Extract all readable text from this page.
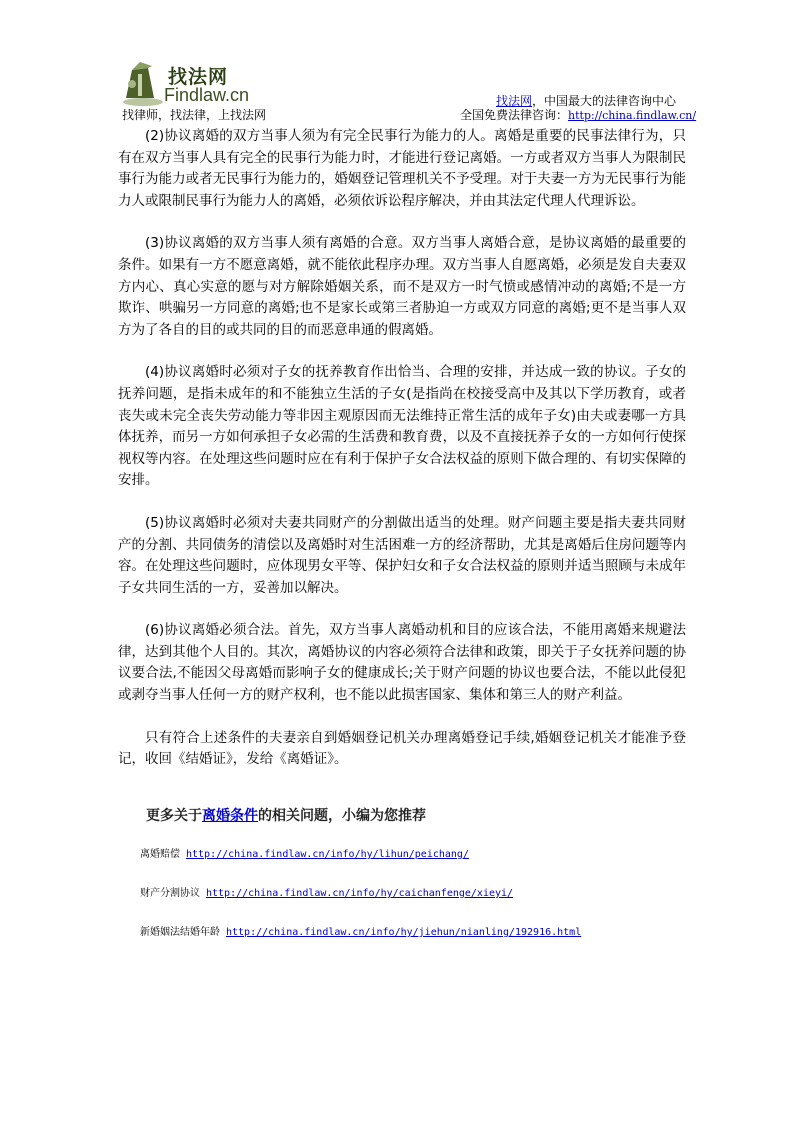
找法网
Findlaw.cn
找律师，找法律，上找法网
找法网，中国最大的法律咨询中心
全国免费法律咨询：http://china.findlaw.cn/

(2)协议离婚的双方当事人须为有完全民事行为能力的人。离婚是重要的民事法律行为，只有在双方当事人具有完全的民事行为能力时，才能进行登记离婚。一方或者双方当事人为限制民事行为能力或者无民事行为能力的，婚姻登记管理机关不予受理。对于夫妻一方为无民事行为能力人或限制民事行为能力人的离婚，必须依诉讼程序解决，并由其法定代理人代理诉讼。

(3)协议离婚的双方当事人须有离婚的合意。双方当事人离婚合意，是协议离婚的最重要的条件。如果有一方不愿意离婚，就不能依此程序办理。双方当事人自愿离婚，必须是发自夫妻双方内心、真心实意的愿与对方解除婚姻关系，而不是双方一时气愤或感情冲动的离婚;不是一方欺诈、哄骗另一方同意的离婚;也不是家长或第三者胁迫一方或双方同意的离婚;更不是当事人双方为了各自的目的或共同的目的而恶意串通的假离婚。

(4)协议离婚时必须对子女的抚养教育作出恰当、合理的安排，并达成一致的协议。子女的抚养问题，是指未成年的和不能独立生活的子女(是指尚在校接受高中及其以下学历教育，或者丧失或未完全丧失劳动能力等非因主观原因而无法维持正常生活的成年子女)由夫或妻哪一方具体抚养，而另一方如何承担子女必需的生活费和教育费，以及不直接抚养子女的一方如何行使探视权等内容。在处理这些问题时应在有利于保护子女合法权益的原则下做合理的、有切实保障的安排。

(5)协议离婚时必须对夫妻共同财产的分割做出适当的处理。财产问题主要是指夫妻共同财产的分割、共同债务的清偿以及离婚时对生活困难一方的经济帮助，尤其是离婚后住房问题等内容。在处理这些问题时，应体现男女平等、保护妇女和子女合法权益的原则并适当照顾与未成年子女共同生活的一方，妥善加以解决。

(6)协议离婚必须合法。首先，双方当事人离婚动机和目的应该合法，不能用离婚来规避法律，达到其他个人目的。其次，离婚协议的内容必须符合法律和政策，即关于子女抚养问题的协议要合法,不能因父母离婚而影响子女的健康成长;关于财产问题的协议也要合法，不能以此侵犯或剥夺当事人任何一方的财产权利，也不能以此损害国家、集体和第三人的财产利益。

只有符合上述条件的夫妻亲自到婚姻登记机关办理离婚登记手续,婚姻登记机关才能准予登记，收回《结婚证》，发给《离婚证》。

更多关于离婚条件的相关问题，小编为您推荐
离婚赔偿 http://china.findlaw.cn/info/hy/lihun/peichang/
财产分割协议 http://china.findlaw.cn/info/hy/caichanfenge/xieyi/
新婚姻法结婚年龄 http://china.findlaw.cn/info/hy/jiehun/nianling/192916.html
